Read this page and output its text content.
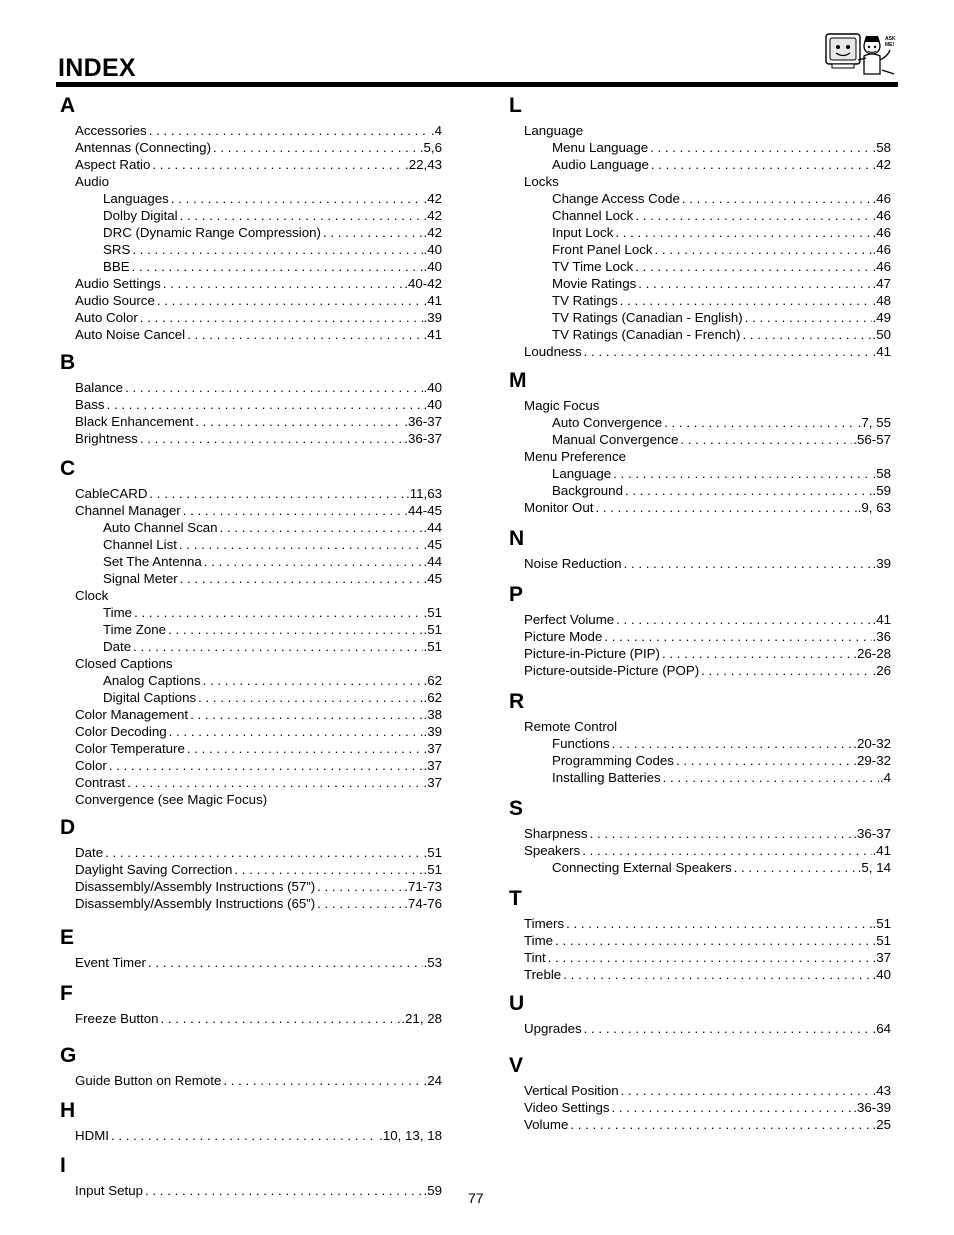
INDEX
ASK
ME!
A
Accessories . . .	.4
Antennas (Connecting) . . .	.5,6
Aspect Ratio . . .	.22,43
Audio
Languages . . .	.42
Dolby Digital . . .	.42
DRC (Dynamic Range Compression) . . .	.42
SRS . . .	.40
BBE . . .	.40
Audio Settings . . .	.40-42
Audio Source . . .	.41
Auto Color . . .	.39
Auto Noise Cancel . . .	.41
B
Balance . . .	.40
Bass . . .	.40
Black Enhancement . . .	.36-37
Brightness . . .	.36-37
C
CableCARD . . .	.11,63
Channel Manager . . .	.44-45
Auto Channel Scan . . .	.44
Channel List . . .	.45
Set The Antenna . . .	.44
Signal Meter . . .	.45
Clock
Time . . .	.51
Time Zone . . .	.51
Date . . .	.51
Closed Captions
Analog Captions . . .	.62
Digital Captions . . .	.62
Color Management . . .	.38
Color Decoding . . .	.39
Color Temperature . . .	.37
Color . . .	.37
Contrast . . .	.37
Convergence (see Magic Focus)
D
Date . . .	.51
Daylight Saving Correction . . .	.51
Disassembly/Assembly Instructions (57”) . . .	.71-73
Disassembly/Assembly Instructions (65”) . . .	.74-76
E
Event Timer . . .	.53
F
Freeze Button . . .	.21, 28
G
Guide Button on Remote . . .	.24
H
HDMI . . .	.10, 13, 18
I
Input Setup . . .	.59
L
Language
Menu Language . . .	.58
Audio Language . . .	.42
Locks
Change Access Code . . .	.46
Channel Lock . . .	.46
Input Lock . . .	.46
Front Panel Lock . . .	.46
TV Time Lock . . .	.46
Movie Ratings . . .	.47
TV Ratings . . .	.48
TV Ratings (Canadian - English) . . .	.49
TV Ratings (Canadian - French) . . .	.50
Loudness . . .	.41
M
Magic Focus
Auto Convergence . . .	.7, 55
Manual Convergence . . .	.56-57
Menu Preference
Language . . .	.58
Background . . .	.59
Monitor Out . . .	.9, 63
N
Noise Reduction . . .	.39
P
Perfect Volume . . .	.41
Picture Mode . . .	.36
Picture-in-Picture (PIP) . . .	.26-28
Picture-outside-Picture (POP) . . .	.26
R
Remote Control
Functions . . .	.20-32
Programming Codes . . .	.29-32
Installing Batteries . . .	.4
S
Sharpness . . .	.36-37
Speakers . . .	.41
Connecting External Speakers . . .	.5, 14
T
Timers . . .	.51
Time . . .	.51
Tint . . .	.37
Treble . . .	.40
U
Upgrades . . .	.64
V
Vertical Position . . .	.43
Video Settings . . .	.36-39
Volume . . .	.25
77
